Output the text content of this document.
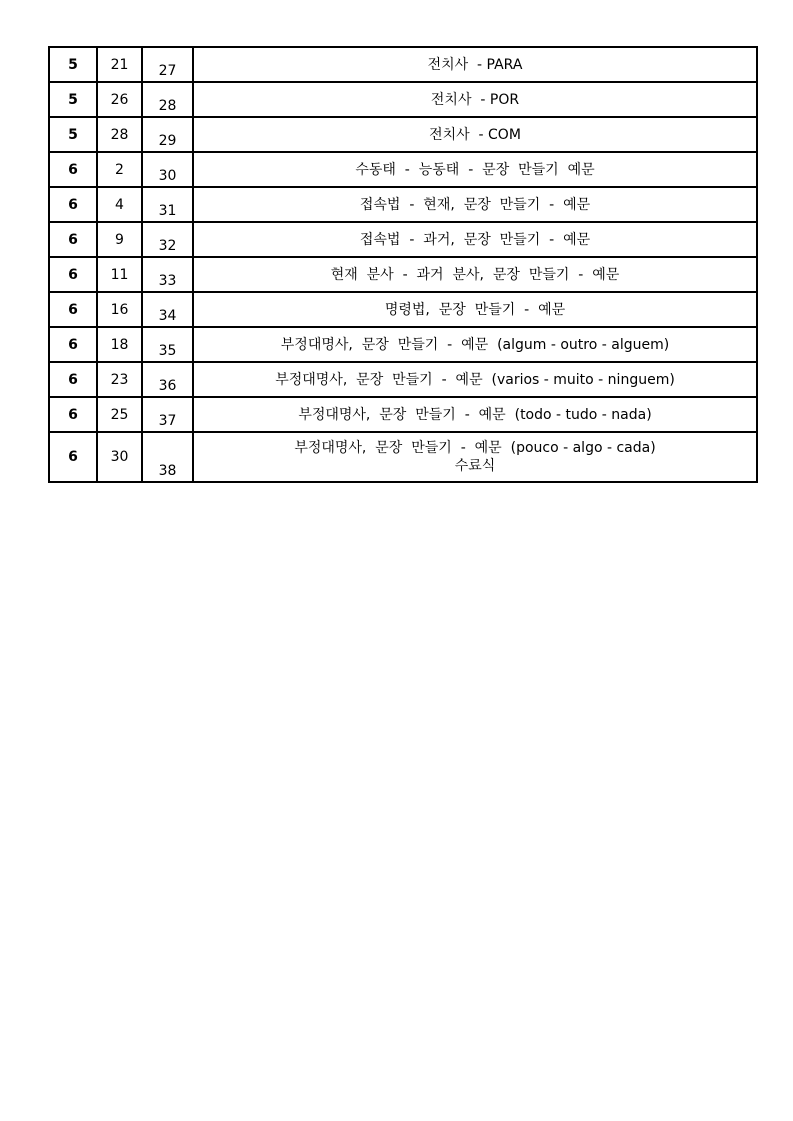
5	21	27	전치사  - PARA

5	26	28	전치사  - POR

5	28	29	전치사  - COM

6	2	30	수동태  -  능동태  -  문장  만들기  예문

6	4	31	접속법  -  현재,  문장  만들기  -  예문

6	9	32	접속법  -  과거,  문장  만들기  -  예문

6	11	33	현재  분사  -  과거  분사,  문장  만들기  -  예문

6	16	34	명령법,  문장  만들기  -  예문

6	18	35	부정대명사,  문장  만들기  -  예문  (algum - outro - alguem)

6	23	36	부정대명사,  문장  만들기  -  예문  (varios - muito - ninguem)

6	25	37	부정대명사,  문장  만들기  -  예문  (todo - tudo - nada)

6	30	38	부정대명사,  문장  만들기  -  예문  (pouco - algo - cada)
수료식
